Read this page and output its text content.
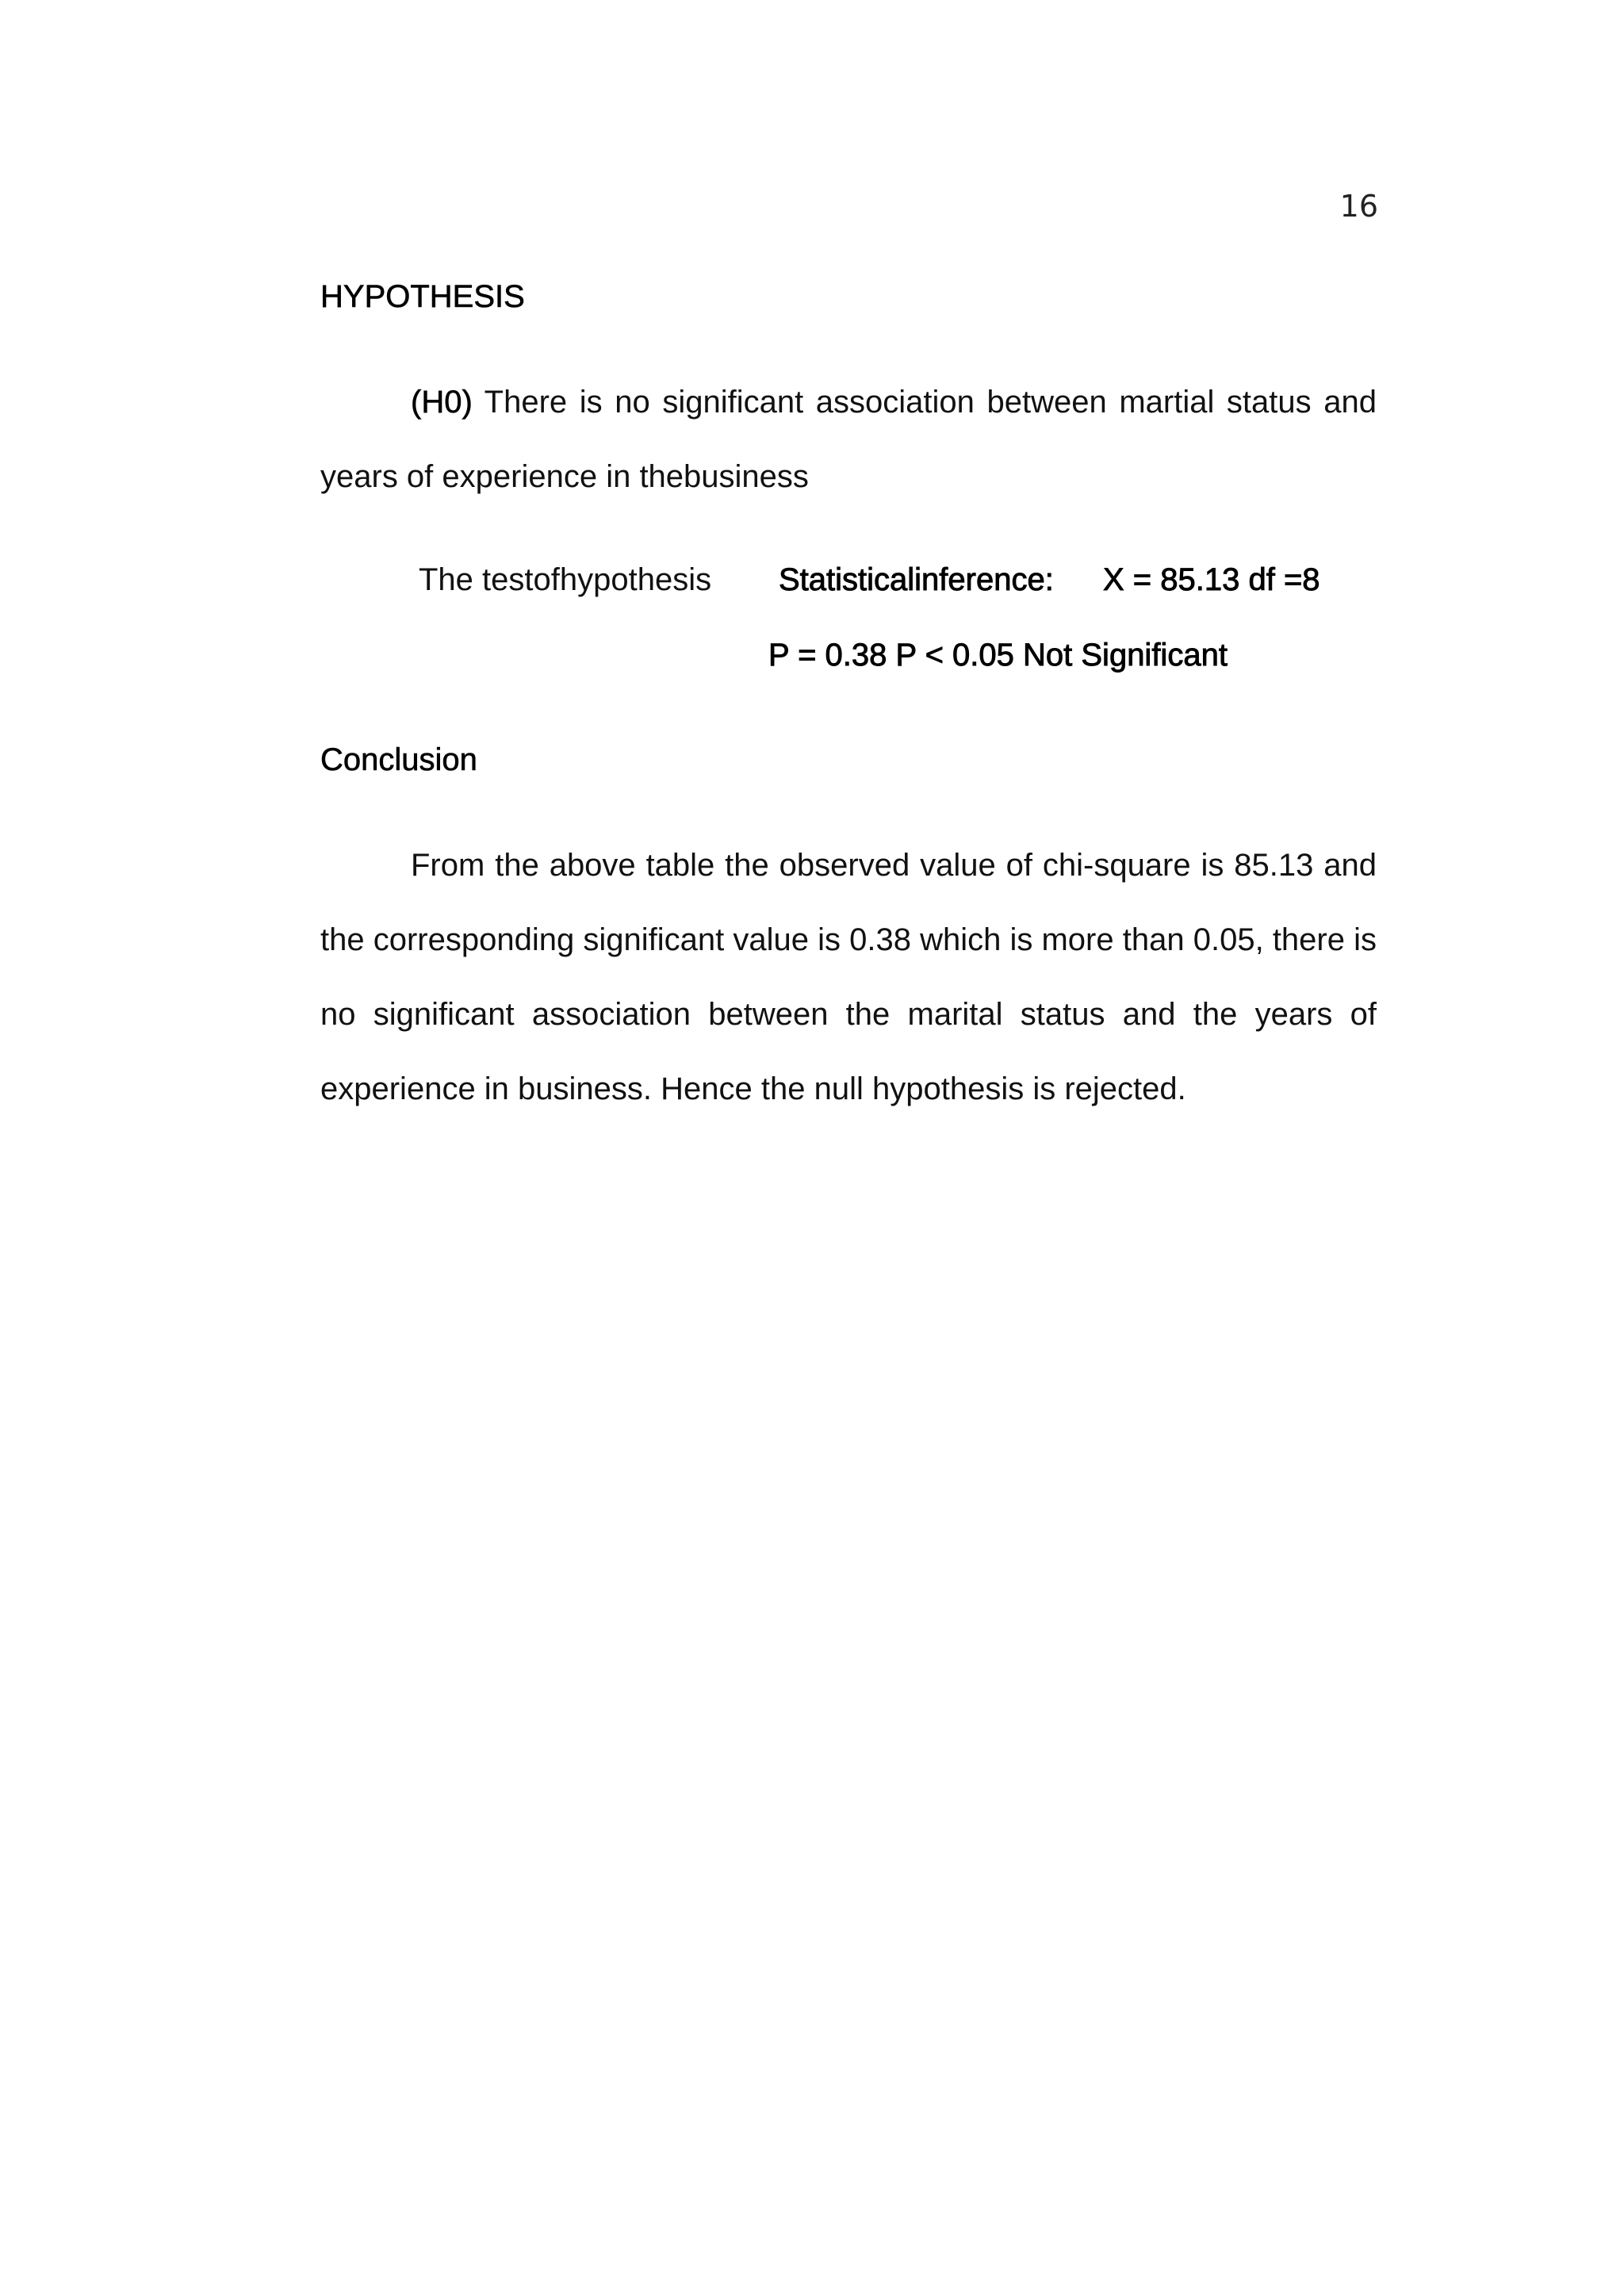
16
HYPOTHESIS

(H0) There is no significant association between martial status and years of experience in thebusiness

The testofhypothesis Statisticalinference: X = 85.13 df =8
P = 0.38 P < 0.05 Not Significant
Conclusion

From the above table the observed value of chi-square is 85.13 and the corresponding significant value is 0.38 which is more than 0.05, there is no significant association between the marital status and the years of experience in business. Hence the null hypothesis is rejected.
